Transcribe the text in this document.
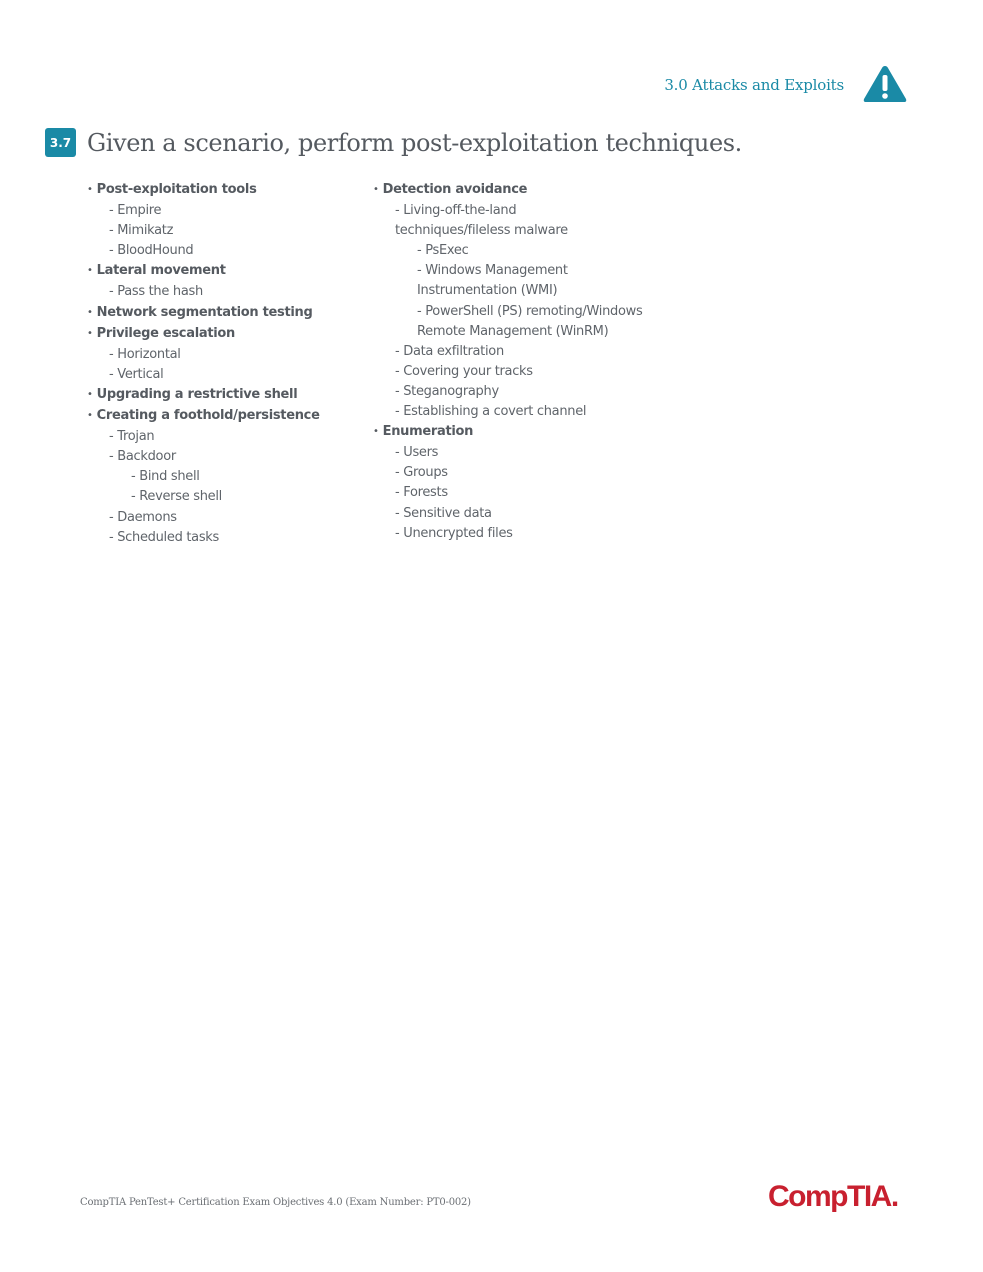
3.0 Attacks and Exploits
3.7 Given a scenario, perform post-exploitation techniques.
• Post-exploitation tools
- Empire
- Mimikatz
- BloodHound
• Lateral movement
- Pass the hash
• Network segmentation testing
• Privilege escalation
- Horizontal
- Vertical
• Upgrading a restrictive shell
• Creating a foothold/persistence
- Trojan
- Backdoor
- Bind shell
- Reverse shell
- Daemons
- Scheduled tasks
• Detection avoidance
- Living-off-the-land techniques/fileless malware
- PsExec
- Windows Management Instrumentation (WMI)
- PowerShell (PS) remoting/Windows Remote Management (WinRM)
- Data exfiltration
- Covering your tracks
- Steganography
- Establishing a covert channel
• Enumeration
- Users
- Groups
- Forests
- Sensitive data
- Unencrypted files
CompTIA PenTest+ Certification Exam Objectives 4.0 (Exam Number: PT0-002)	CompTIA.
